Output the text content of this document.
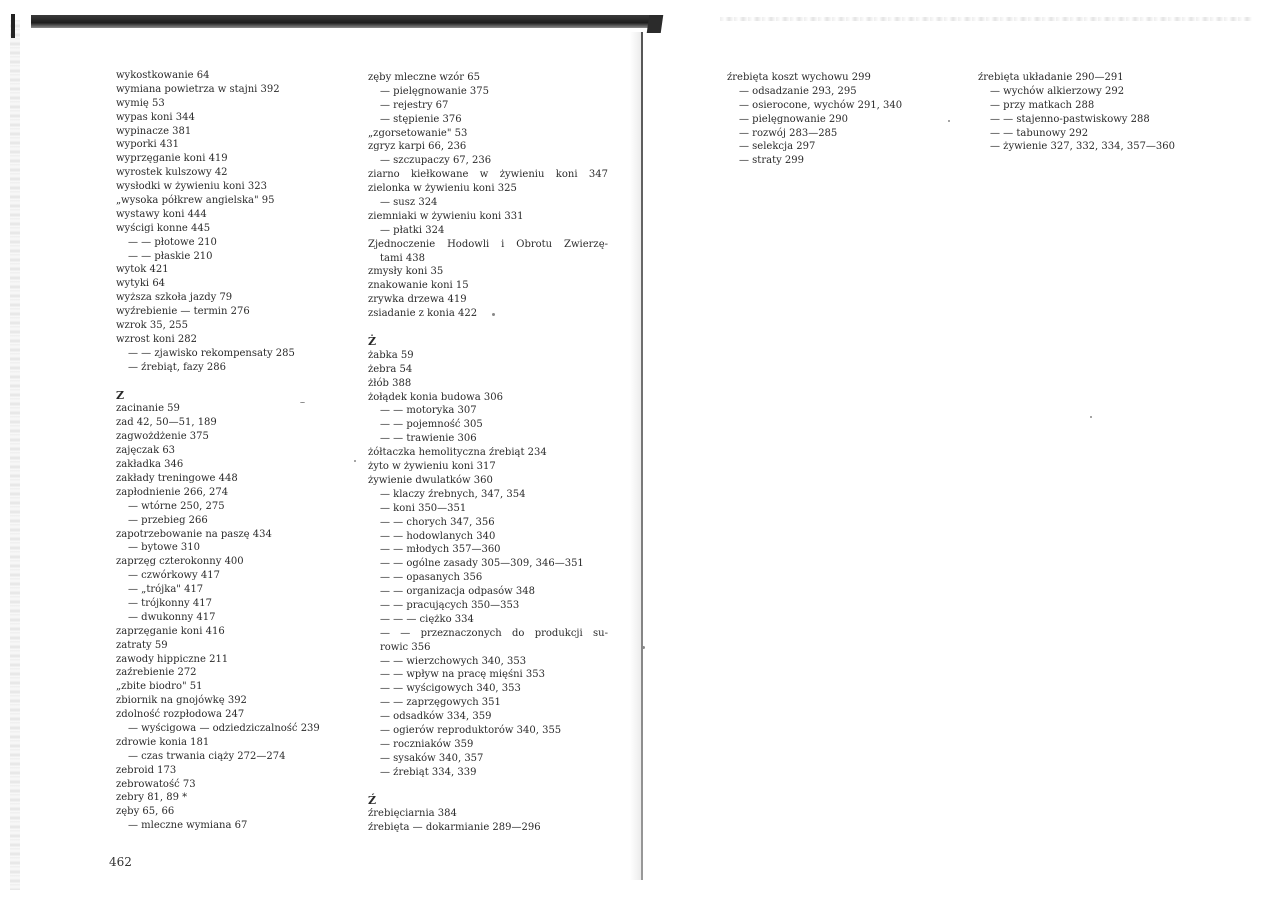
wykostkowanie 64
wymiana powietrza w stajni 392
wymię 53
wypas koni 344
wypinacze 381
wyporki 431
wyprzęganie koni 419
wyrostek kulszowy 42
wysłodki w żywieniu koni 323
„wysoka półkrew angielska" 95
wystawy koni 444
wyścigi konne 445
— — płotowe 210
— — płaskie 210
wytok 421
wytyki 64
wyższa szkoła jazdy 79
wyźrebienie — termin 276
wzrok 35, 255
wzrost koni 282
— — zjawisko rekompensaty 285
— źrebiąt, fazy 286
Z
zacinanie 59
zad 42, 50—51, 189
zagwożdżenie 375
zajęczak 63
zakładka 346
zakłady treningowe 448
zapłodnienie 266, 274
— wtórne 250, 275
— przebieg 266
zapotrzebowanie na paszę 434
— bytowe 310
zaprzęg czterokonny 400
— czwórkowy 417
— „trójka" 417
— trójkonny 417
— dwukonny 417
zaprzęganie koni 416
zatraty 59
zawody hippiczne 211
zaźrebienie 272
„zbite biodro" 51
zbiornik na gnojówkę 392
zdolność rozpłodowa 247
— wyścigowa — odziedziczalność 239
zdrowie konia 181
— czas trwania ciąży 272—274
zebroid 173
zebrowatość 73
zebry 81, 89 *
zęby 65, 66
— mleczne wymiana 67
zęby mleczne wzór 65
— pielęgnowanie 375
— rejestry 67
— stępienie 376
„zgorsetowanie" 53
zgryz karpi 66, 236
— szczupaczy 67, 236
ziarno kiełkowane w żywieniu koni 347
zielonka w żywieniu koni 325
— susz 324
ziemniaki w żywieniu koni 331
— płatki 324
Zjednoczenie Hodowli i Obrotu Zwierzę-
tami 438
zmysły koni 35
znakowanie koni 15
zrywka drzewa 419
zsiadanie z konia 422
Ż
żabka 59
żebra 54
żłób 388
żołądek konia budowa 306
— — motoryka 307
— — pojemność 305
— — trawienie 306
żółtaczka hemolityczna źrebiąt 234
żyto w żywieniu koni 317
żywienie dwulatków 360
— klaczy źrebnych, 347, 354
— koni 350—351
— — chorych 347, 356
— — hodowlanych 340
— — młodych 357—360
— — ogólne zasady 305—309, 346—351
— — opasanych 356
— — organizacja odpasów 348
— — pracujących 350—353
— — — ciężko 334
— — przeznaczonych do produkcji su-
rowic 356
— — wierzchowych 340, 353
— — wpływ na pracę mięśni 353
— — wyścigowych 340, 353
— — zaprzęgowych 351
— odsadków 334, 359
— ogierów reproduktorów 340, 355
— roczniaków 359
— sysaków 340, 357
— źrebiąt 334, 339
Ź
źrebięciarnia 384
źrebięta — dokarmianie 289—296
źrebięta koszt wychowu 299
— odsadzanie 293, 295
— osierocone, wychów 291, 340
— pielęgnowanie 290
— rozwój 283—285
— selekcja 297
— straty 299
źrebięta układanie 290—291
— wychów alkierzowy 292
— przy matkach 288
— — stajenno-pastwiskowy 288
— — tabunowy 292
— żywienie 327, 332, 334, 357—360
462
